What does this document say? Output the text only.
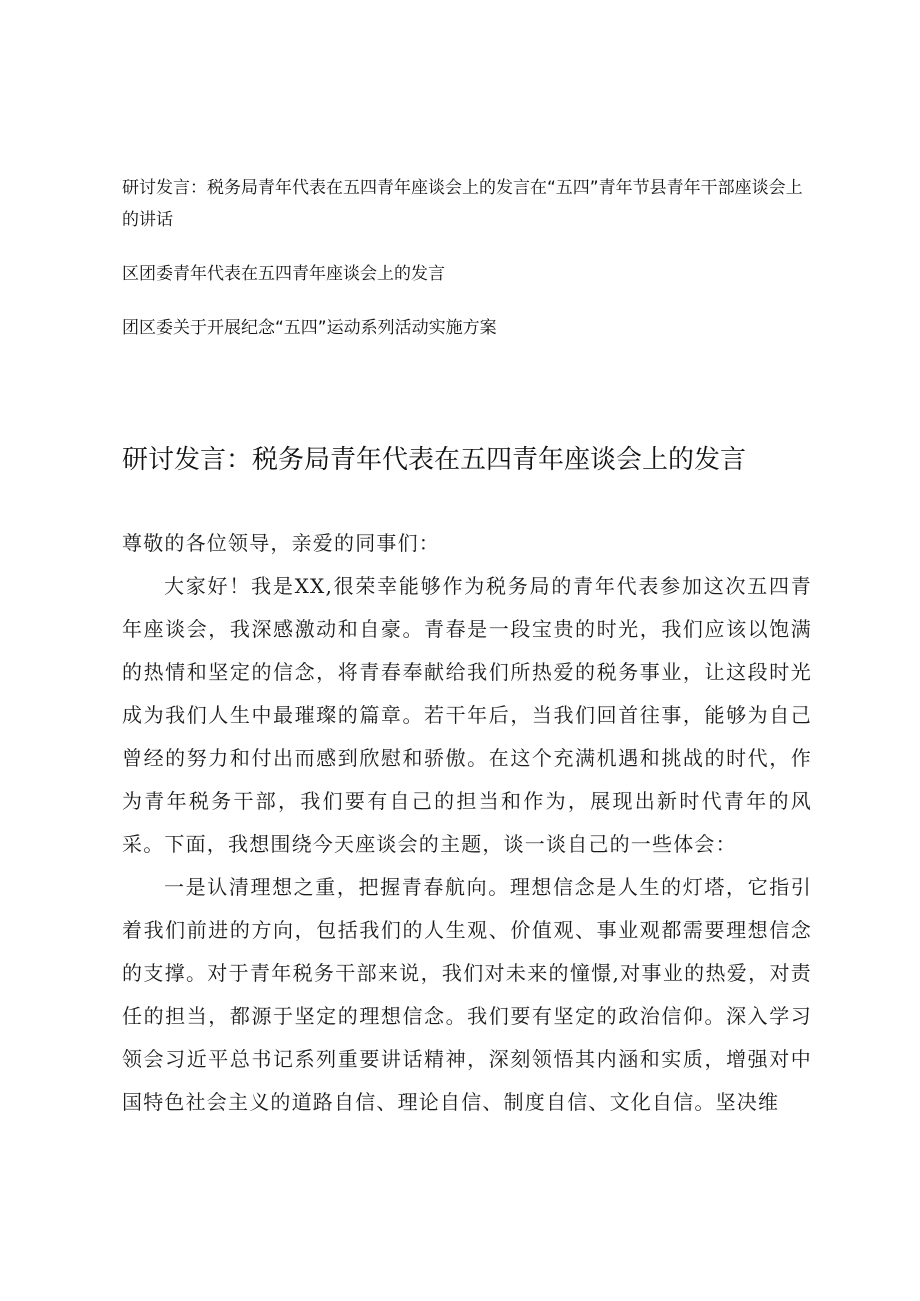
研讨发言：税务局青年代表在五四青年座谈会上的发言在“五四”青年节县青年干部座谈会上的讲话

区团委青年代表在五四青年座谈会上的发言

团区委关于开展纪念“五四”运动系列活动实施方案

研讨发言：税务局青年代表在五四青年座谈会上的发言

尊敬的各位领导，亲爱的同事们：

大家好！我是XX,很荣幸能够作为税务局的青年代表参加这次五四青年座谈会，我深感激动和自豪。青春是一段宝贵的时光，我们应该以饱满的热情和坚定的信念，将青春奉献给我们所热爱的税务事业，让这段时光成为我们人生中最璀璨的篇章。若干年后，当我们回首往事，能够为自己曾经的努力和付出而感到欣慰和骄傲。在这个充满机遇和挑战的时代，作为青年税务干部，我们要有自己的担当和作为，展现出新时代青年的风采。下面，我想围绕今天座谈会的主题，谈一谈自己的一些体会：

一是认清理想之重，把握青春航向。理想信念是人生的灯塔，它指引着我们前进的方向，包括我们的人生观、价值观、事业观都需要理想信念的支撑。对于青年税务干部来说，我们对未来的憧憬,对事业的热爱，对责任的担当，都源于坚定的理想信念。我们要有坚定的政治信仰。深入学习领会习近平总书记系列重要讲话精神，深刻领悟其内涵和实质，增强对中国特色社会主义的道路自信、理论自信、制度自信、文化自信。坚决维
